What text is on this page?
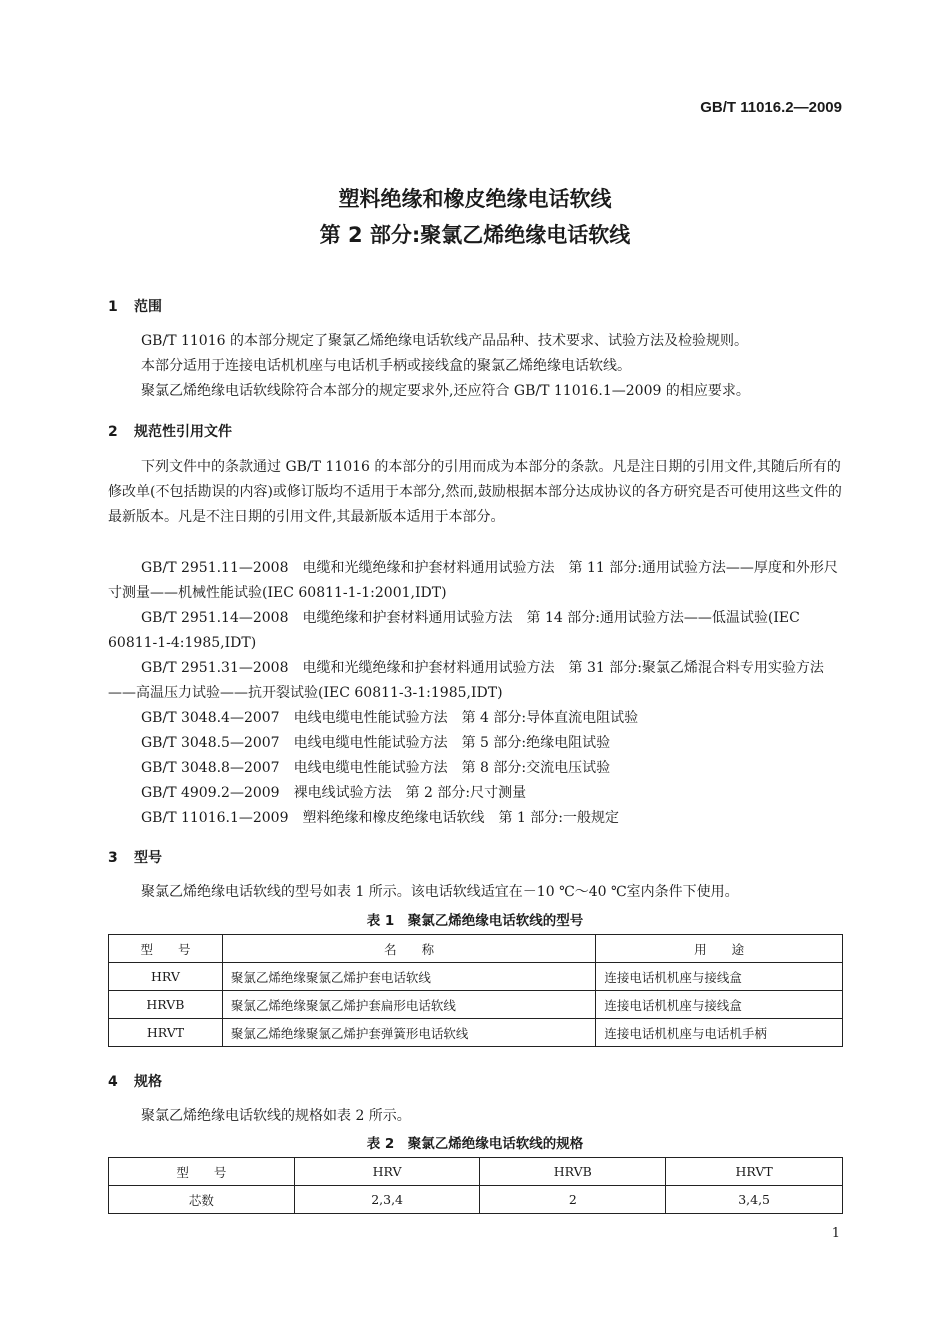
GB/T 11016.2—2009
塑料绝缘和橡皮绝缘电话软线
第 2 部分:聚氯乙烯绝缘电话软线
1 范围
GB/T 11016 的本部分规定了聚氯乙烯绝缘电话软线产品品种、技术要求、试验方法及检验规则。
本部分适用于连接电话机机座与电话机手柄或接线盒的聚氯乙烯绝缘电话软线。
聚氯乙烯绝缘电话软线除符合本部分的规定要求外,还应符合 GB/T 11016.1—2009 的相应要求。
2 规范性引用文件
下列文件中的条款通过 GB/T 11016 的本部分的引用而成为本部分的条款。凡是注日期的引用文件,其随后所有的修改单(不包括勘误的内容)或修订版均不适用于本部分,然而,鼓励根据本部分达成协议的各方研究是否可使用这些文件的最新版本。凡是不注日期的引用文件,其最新版本适用于本部分。
GB/T 2951.11—2008　电缆和光缆绝缘和护套材料通用试验方法　第 11 部分:通用试验方法——厚度和外形尺寸测量——机械性能试验(IEC 60811-1-1:2001,IDT)
GB/T 2951.14—2008　电缆绝缘和护套材料通用试验方法　第 14 部分:通用试验方法——低温试验(IEC 60811-1-4:1985,IDT)
GB/T 2951.31—2008　电缆和光缆绝缘和护套材料通用试验方法　第 31 部分:聚氯乙烯混合料专用实验方法——高温压力试验——抗开裂试验(IEC 60811-3-1:1985,IDT)
GB/T 3048.4—2007　电线电缆电性能试验方法　第 4 部分:导体直流电阻试验
GB/T 3048.5—2007　电线电缆电性能试验方法　第 5 部分:绝缘电阻试验
GB/T 3048.8—2007　电线电缆电性能试验方法　第 8 部分:交流电压试验
GB/T 4909.2—2009　裸电线试验方法　第 2 部分:尺寸测量
GB/T 11016.1—2009　塑料绝缘和橡皮绝缘电话软线　第 1 部分:一般规定
3 型号
聚氯乙烯绝缘电话软线的型号如表 1 所示。该电话软线适宜在－10 ℃～40 ℃室内条件下使用。
表 1　聚氯乙烯绝缘电话软线的型号
型　　号	名　　称	用　　途
HRV	聚氯乙烯绝缘聚氯乙烯护套电话软线	连接电话机机座与接线盒
HRVB	聚氯乙烯绝缘聚氯乙烯护套扁形电话软线	连接电话机机座与接线盒
HRVT	聚氯乙烯绝缘聚氯乙烯护套弹簧形电话软线	连接电话机机座与电话机手柄
4 规格
聚氯乙烯绝缘电话软线的规格如表 2 所示。
表 2　聚氯乙烯绝缘电话软线的规格
型　　号	HRV	HRVB	HRVT
芯数	2,3,4	2	3,4,5
1
